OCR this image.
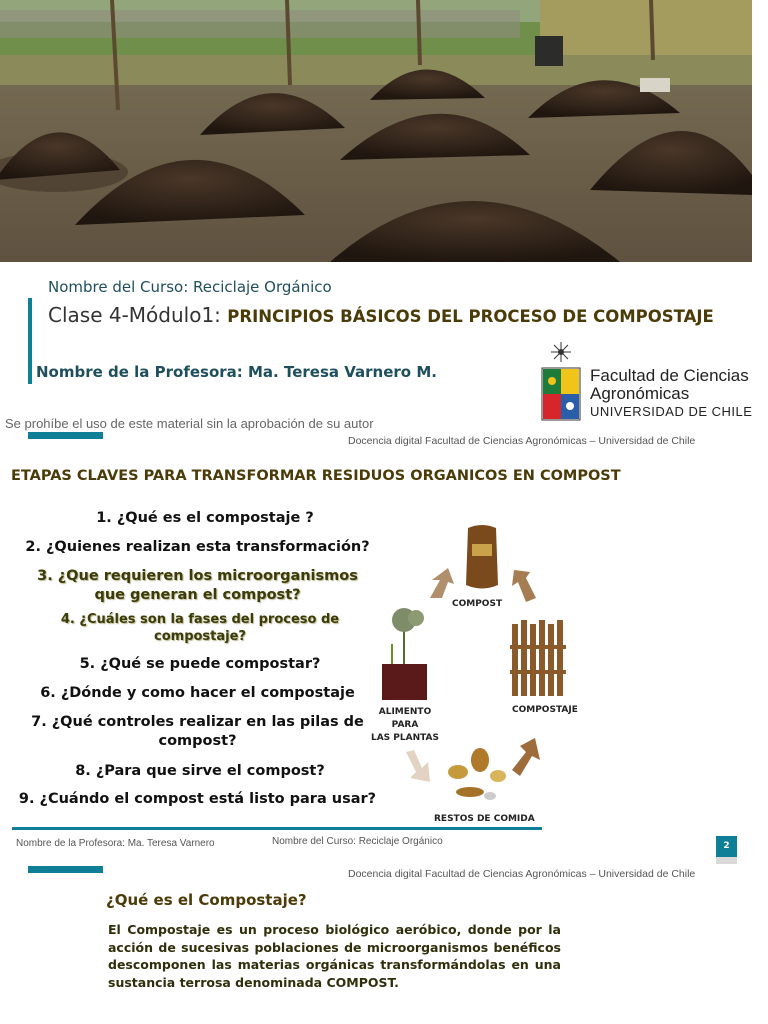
Nombre del Curso: Reciclaje Orgánico
Clase 4-Módulo1: PRINCIPIOS BÁSICOS DEL PROCESO DE COMPOSTAJE
Nombre de la Profesora: Ma. Teresa Varnero M.	Facultad de Ciencias
Agronómicas
UNIVERSIDAD DE CHILE
Se prohíbe el uso de este material sin la aprobación de su autor
Docencia digital Facultad de Ciencias Agronómicas – Universidad de Chile
ETAPAS CLAVES PARA TRANSFORMAR RESIDUOS ORGANICOS EN COMPOST
1. ¿Qué es el compostaje ?
2. ¿Quienes realizan esta transformación?
3. ¿Que requieren los microorganismos que generan el compost?
4. ¿Cuáles son la fases del proceso de compostaje?
5. ¿Qué se puede compostar?
6. ¿Dónde y como hacer el compostaje
7. ¿Qué controles realizar en las pilas de compost?
8. ¿Para que sirve el compost?
9. ¿Cuándo el compost está listo para usar?
COMPOST
COMPOSTAJE
ALIMENTO PARA
LAS PLANTAS
RESTOS DE COMIDA
Nombre de la Profesora: Ma. Teresa Varnero	Nombre del Curso: Reciclaje Orgánico	2
Docencia digital Facultad de Ciencias Agronómicas – Universidad de Chile
¿Qué es el Compostaje?
El Compostaje es un proceso biológico aeróbico, donde por la acción de sucesivas poblaciones de microorganismos benéficos descomponen las materias orgánicas transformándolas en una sustancia terrosa denominada COMPOST.
